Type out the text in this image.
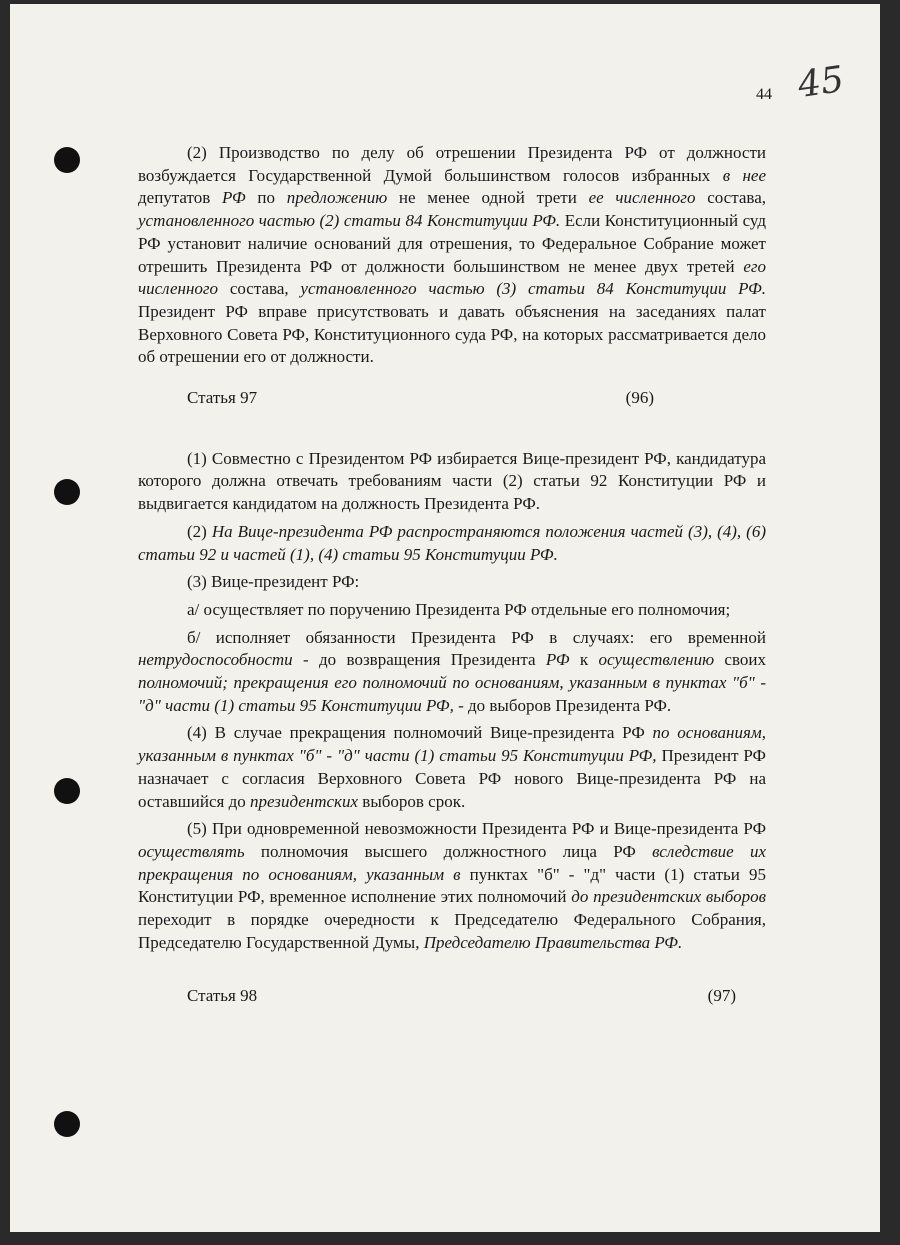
45
44

(2) Производство по делу об отрешении Президента РФ от должности возбуждается Государственной Думой большинством голосов избранных в нее депутатов РФ по предложению не менее одной трети ее численного состава, установленного частью (2) статьи 84 Конституции РФ. Если Конституционный суд РФ установит наличие оснований для отрешения, то Федеральное Собрание может отрешить Президента РФ от должности большинством не менее двух третей его численного состава, установленного частью (3) статьи 84 Конституции РФ. Президент РФ вправе присутствовать и давать объяснения на заседаниях палат Верховного Совета РФ, Конституционного суда РФ, на которых рассматривается дело об отрешении его от должности.

Статья 97	(96)

(1) Совместно с Президентом РФ избирается Вице-президент РФ, кандидатура которого должна отвечать требованиям части (2) статьи 92 Конституции РФ и выдвигается кандидатом на должность Президента РФ.

(2) На Вице-президента РФ распространяются положения частей (3), (4), (6) статьи 92 и частей (1), (4) статьи 95 Конституции РФ.

(3) Вице-президент РФ:

а/ осуществляет по поручению Президента РФ отдельные его полномочия;

б/ исполняет обязанности Президента РФ в случаях: его временной нетрудоспособности - до возвращения Президента РФ к осуществлению своих полномочий; прекращения его полномочий по основаниям, указанным в пунктах "б" - "д" части (1) статьи 95 Конституции РФ, - до выборов Президента РФ.

(4) В случае прекращения полномочий Вице-президента РФ по основаниям, указанным в пунктах "б" - "д" части (1) статьи 95 Конституции РФ, Президент РФ назначает с согласия Верховного Совета РФ нового Вице-президента РФ на оставшийся до президентских выборов срок.

(5) При одновременной невозможности Президента РФ и Вице-президента РФ осуществлять полномочия высшего должностного лица РФ вследствие их прекращения по основаниям, указанным в пунктах "б" - "д" части (1) статьи 95 Конституции РФ, временное исполнение этих полномочий до президентских выборов переходит в порядке очередности к Председателю Федерального Собрания, Председателю Государственной Думы, Председателю Правительства РФ.

Статья 98	(97)
